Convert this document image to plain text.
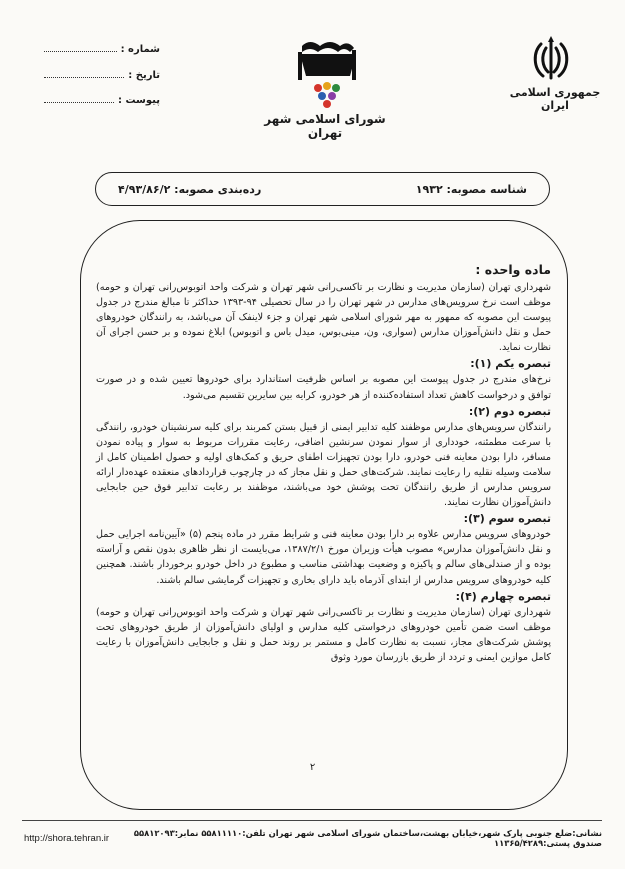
جمهوری اسلامی ایران
شورای اسلامی شهر تهران
شماره :
تاریخ :
پیوست :
شناسه مصوبه: ۱۹۳۲
رده‌بندی مصوبه: ۴/۹۳/۸۶/۲
ماده واحده :

شهرداری تهران (سازمان مدیریت و نظارت بر تاکسی‌رانی شهر تهران و شرکت واحد اتوبوس‌رانی تهران و حومه) موظف است نرخ سرویس‌های مدارس در شهر تهران را در سال تحصیلی ۹۴-۱۳۹۳ حداکثر تا مبالغ مندرج در جدول پیوست این مصوبه که ممهور به مهر شورای اسلامی شهر تهران و جزء لاینفک آن می‌باشد، به رانندگان خودروهای حمل و نقل دانش‌آموزان مدارس (سواری، ون، مینی‌بوس، میدل باس و اتوبوس) ابلاغ نموده و بر حسن اجرای آن نظارت نماید.

تبصره یکم (۱):

نرخ‌های مندرج در جدول پیوست این مصوبه بر اساس ظرفیت استاندارد برای خودروها تعیین شده و در صورت توافق و درخواست کاهش تعداد استفاده‌کننده از هر خودرو، کرایه بین سایرین تقسیم می‌شود.

تبصره دوم (۲):

رانندگان سرویس‌های مدارس موظفند کلیه تدابیر ایمنی از قبیل بستن کمربند برای کلیه سرنشینان خودرو، رانندگی با سرعت مطمئنه، خودداری از سوار نمودن سرنشین اضافی، رعایت مقررات مربوط به سوار و پیاده نمودن مسافر، دارا بودن معاینه فنی خودرو، دارا بودن تجهیزات اطفای حریق و کمک‌های اولیه و حصول اطمینان کامل از سلامت وسیله نقلیه را رعایت نمایند. شرکت‌های حمل و نقل مجاز که در چارچوب قراردادهای منعقده عهده‌دار ارائه سرویس مدارس از طریق رانندگان تحت پوشش خود می‌باشند، موظفند بر رعایت تدابیر فوق حین جابجایی دانش‌آموزان نظارت نمایند.

تبصره سوم (۳):

خودروهای سرویس مدارس علاوه بر دارا بودن معاینه فنی و شرایط مقرر در ماده پنجم (۵) «آیین‌نامه اجرایی حمل و نقل دانش‌آموزان مدارس» مصوب هیأت وزیران مورخ ۱۳۸۷/۲/۱، می‌بایست از نظر ظاهری بدون نقص و آراسته بوده و از صندلی‌های سالم و پاکیزه و وضعیت بهداشتی مناسب و مطبوع در داخل خودرو برخوردار باشند. همچنین کلیه خودروهای سرویس مدارس از ابتدای آذرماه باید دارای بخاری و تجهیزات گرمایشی سالم باشند.

تبصره چهارم (۴):

شهرداری تهران (سازمان مدیریت و نظارت بر تاکسی‌رانی شهر تهران و شرکت واحد اتوبوس‌رانی تهران و حومه) موظف است ضمن تأمین خودروهای درخواستی کلیه مدارس و اولیای دانش‌آموزان از طریق خودروهای تحت پوشش شرکت‌های مجاز، نسبت به نظارت کامل و مستمر بر روند حمل و نقل و جابجایی دانش‌آموزان با رعایت کامل موازین ایمنی و تردد از طریق بازرسان مورد وثوق

۲
http://shora.tehran.ir	نشانی:ضلع جنوبی پارک شهر،خیابان بهشت،ساختمان شورای اسلامی شهر تهران تلفن:۵۵۸۱۱۱۱۰ نمابر:۵۵۸۱۲۰۹۳ صندوق پستی:۱۱۳۶۵/۴۲۸۹
